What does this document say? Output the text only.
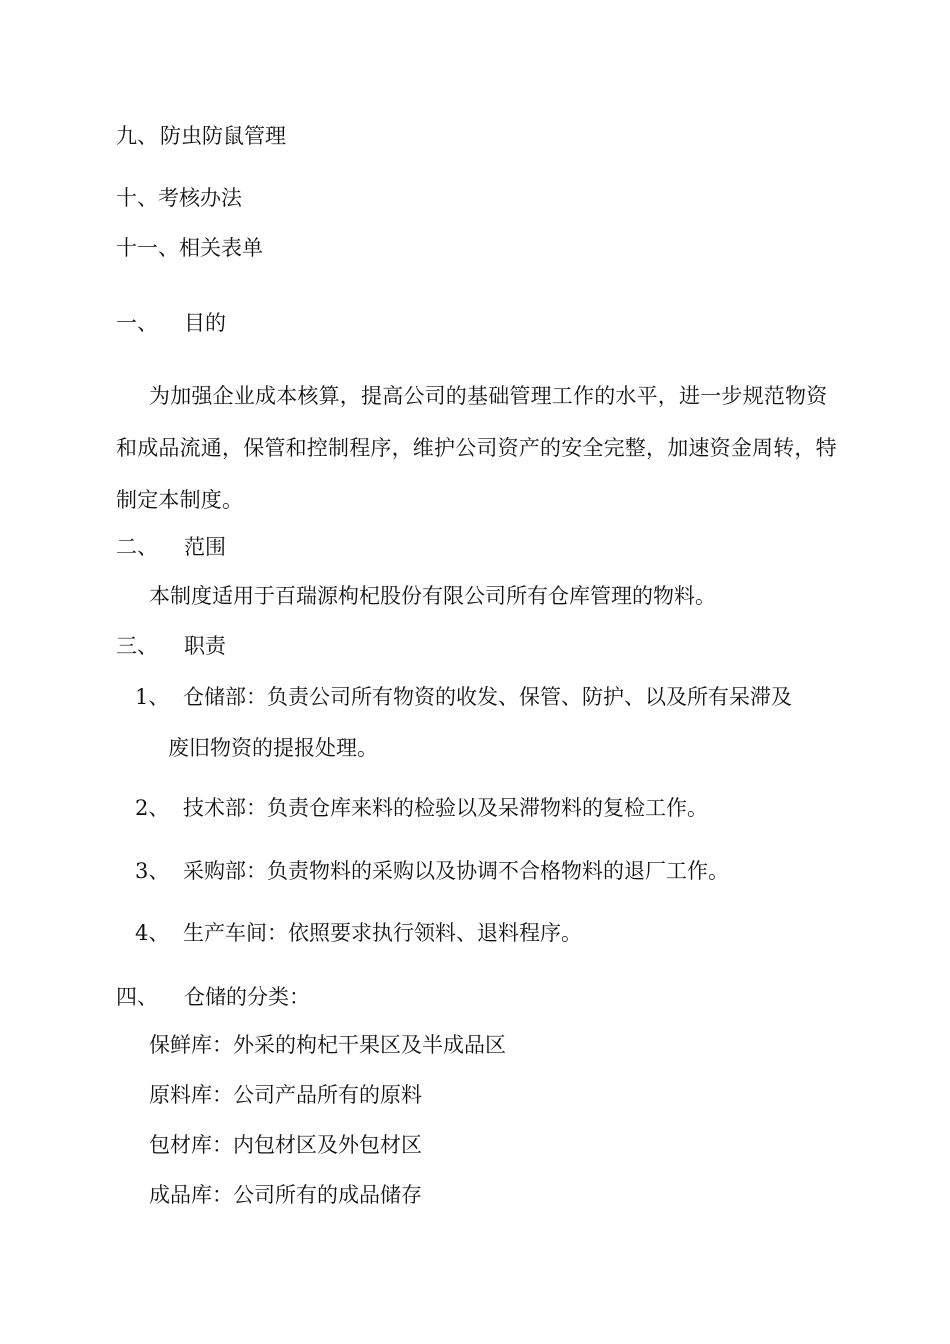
九、防虫防鼠管理
十、考核办法
十一、相关表单
一、 目的
为加强企业成本核算，提高公司的基础管理工作的水平，进一步规范物资和成品流通，保管和控制程序，维护公司资产的安全完整，加速资金周转，特制定本制度。
二、 范围
本制度适用于百瑞源枸杞股份有限公司所有仓库管理的物料。
三、 职责
1、 仓储部：负责公司所有物资的收发、保管、防护、以及所有呆滞及
废旧物资的提报处理。
2、 技术部：负责仓库来料的检验以及呆滞物料的复检工作。
3、 采购部：负责物料的采购以及协调不合格物料的退厂工作。
4、 生产车间：依照要求执行领料、退料程序。
四、 仓储的分类：
保鲜库：外采的枸杞干果区及半成品区
原料库：公司产品所有的原料
包材库：内包材区及外包材区
成品库：公司所有的成品储存
